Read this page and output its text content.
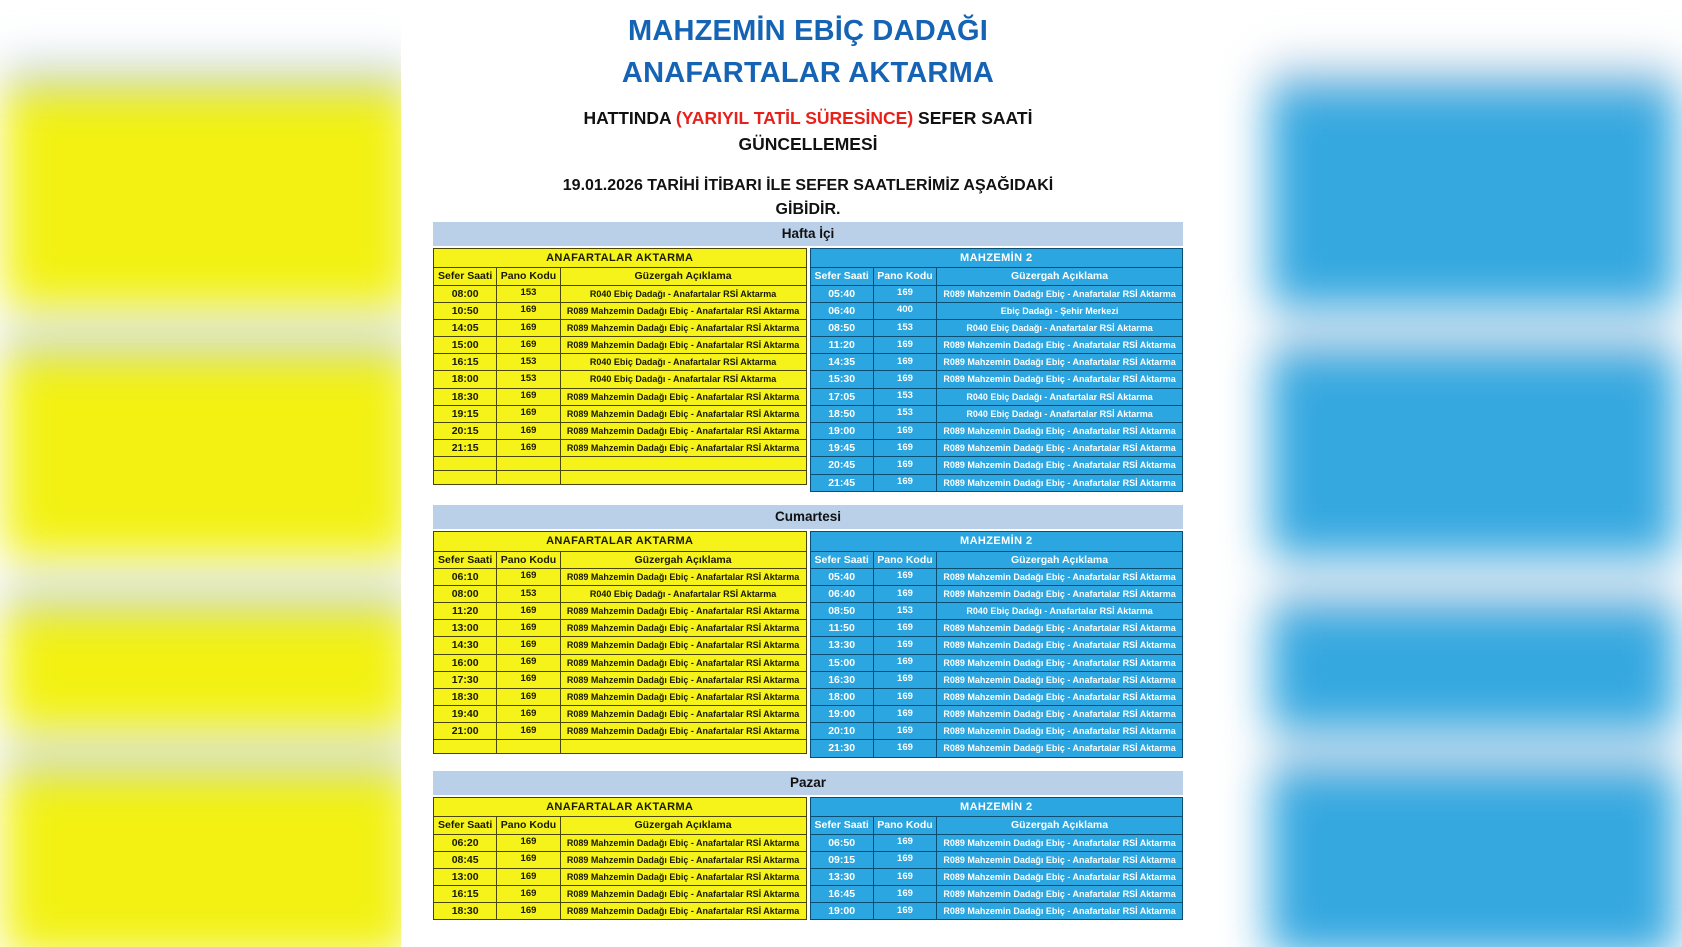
MAHZEMİN EBİÇ DADAĞI
ANAFARTALAR AKTARMA
HATTINDA (YARIYIL TATİL SÜRESİNCE) SEFER SAATİ
GÜNCELLEMESİ
19.01.2026 TARİHİ İTİBARI İLE SEFER SAATLERİMİZ AŞAĞIDAKİ
GİBİDİR.
Hafta İçi
ANAFARTALAR AKTARMA		
Sefer Saati	Pano Kodu	Güzergah Açıklama
08:00	153	R040 Ebiç Dadağı - Anafartalar RSİ Aktarma
10:50	169	R089 Mahzemin Dadağı Ebiç - Anafartalar RSİ Aktarma
14:05	169	R089 Mahzemin Dadağı Ebiç - Anafartalar RSİ Aktarma
15:00	169	R089 Mahzemin Dadağı Ebiç - Anafartalar RSİ Aktarma
16:15	153	R040 Ebiç Dadağı - Anafartalar RSİ Aktarma
18:00	153	R040 Ebiç Dadağı - Anafartalar RSİ Aktarma
18:30	169	R089 Mahzemin Dadağı Ebiç - Anafartalar RSİ Aktarma
19:15	169	R089 Mahzemin Dadağı Ebiç - Anafartalar RSİ Aktarma
20:15	169	R089 Mahzemin Dadağı Ebiç - Anafartalar RSİ Aktarma
21:15	169	R089 Mahzemin Dadağı Ebiç - Anafartalar RSİ Aktarma

MAHZEMİN 2		
Sefer Saati	Pano Kodu	Güzergah Açıklama
05:40	169	R089 Mahzemin Dadağı Ebiç - Anafartalar RSİ Aktarma
06:40	400	Ebiç Dadağı - Şehir Merkezi
08:50	153	R040 Ebiç Dadağı - Anafartalar RSİ Aktarma
11:20	169	R089 Mahzemin Dadağı Ebiç - Anafartalar RSİ Aktarma
14:35	169	R089 Mahzemin Dadağı Ebiç - Anafartalar RSİ Aktarma
15:30	169	R089 Mahzemin Dadağı Ebiç - Anafartalar RSİ Aktarma
17:05	153	R040 Ebiç Dadağı - Anafartalar RSİ Aktarma
18:50	153	R040 Ebiç Dadağı - Anafartalar RSİ Aktarma
19:00	169	R089 Mahzemin Dadağı Ebiç - Anafartalar RSİ Aktarma
19:45	169	R089 Mahzemin Dadağı Ebiç - Anafartalar RSİ Aktarma
20:45	169	R089 Mahzemin Dadağı Ebiç - Anafartalar RSİ Aktarma
21:45	169	R089 Mahzemin Dadağı Ebiç - Anafartalar RSİ Aktarma
Cumartesi
ANAFARTALAR AKTARMA		
Sefer Saati	Pano Kodu	Güzergah Açıklama
06:10	169	R089 Mahzemin Dadağı Ebiç - Anafartalar RSİ Aktarma
08:00	153	R040 Ebiç Dadağı - Anafartalar RSİ Aktarma
11:20	169	R089 Mahzemin Dadağı Ebiç - Anafartalar RSİ Aktarma
13:00	169	R089 Mahzemin Dadağı Ebiç - Anafartalar RSİ Aktarma
14:30	169	R089 Mahzemin Dadağı Ebiç - Anafartalar RSİ Aktarma
16:00	169	R089 Mahzemin Dadağı Ebiç - Anafartalar RSİ Aktarma
17:30	169	R089 Mahzemin Dadağı Ebiç - Anafartalar RSİ Aktarma
18:30	169	R089 Mahzemin Dadağı Ebiç - Anafartalar RSİ Aktarma
19:40	169	R089 Mahzemin Dadağı Ebiç - Anafartalar RSİ Aktarma
21:00	169	R089 Mahzemin Dadağı Ebiç - Anafartalar RSİ Aktarma

MAHZEMİN 2		
Sefer Saati	Pano Kodu	Güzergah Açıklama
05:40	169	R089 Mahzemin Dadağı Ebiç - Anafartalar RSİ Aktarma
06:40	169	R089 Mahzemin Dadağı Ebiç - Anafartalar RSİ Aktarma
08:50	153	R040 Ebiç Dadağı - Anafartalar RSİ Aktarma
11:50	169	R089 Mahzemin Dadağı Ebiç - Anafartalar RSİ Aktarma
13:30	169	R089 Mahzemin Dadağı Ebiç - Anafartalar RSİ Aktarma
15:00	169	R089 Mahzemin Dadağı Ebiç - Anafartalar RSİ Aktarma
16:30	169	R089 Mahzemin Dadağı Ebiç - Anafartalar RSİ Aktarma
18:00	169	R089 Mahzemin Dadağı Ebiç - Anafartalar RSİ Aktarma
19:00	169	R089 Mahzemin Dadağı Ebiç - Anafartalar RSİ Aktarma
20:10	169	R089 Mahzemin Dadağı Ebiç - Anafartalar RSİ Aktarma
21:30	169	R089 Mahzemin Dadağı Ebiç - Anafartalar RSİ Aktarma
Pazar
ANAFARTALAR AKTARMA		
Sefer Saati	Pano Kodu	Güzergah Açıklama
06:20	169	R089 Mahzemin Dadağı Ebiç - Anafartalar RSİ Aktarma
08:45	169	R089 Mahzemin Dadağı Ebiç - Anafartalar RSİ Aktarma
13:00	169	R089 Mahzemin Dadağı Ebiç - Anafartalar RSİ Aktarma
16:15	169	R089 Mahzemin Dadağı Ebiç - Anafartalar RSİ Aktarma
18:30	169	R089 Mahzemin Dadağı Ebiç - Anafartalar RSİ Aktarma
MAHZEMİN 2		
Sefer Saati	Pano Kodu	Güzergah Açıklama
06:50	169	R089 Mahzemin Dadağı Ebiç - Anafartalar RSİ Aktarma
09:15	169	R089 Mahzemin Dadağı Ebiç - Anafartalar RSİ Aktarma
13:30	169	R089 Mahzemin Dadağı Ebiç - Anafartalar RSİ Aktarma
16:45	169	R089 Mahzemin Dadağı Ebiç - Anafartalar RSİ Aktarma
19:00	169	R089 Mahzemin Dadağı Ebiç - Anafartalar RSİ Aktarma
